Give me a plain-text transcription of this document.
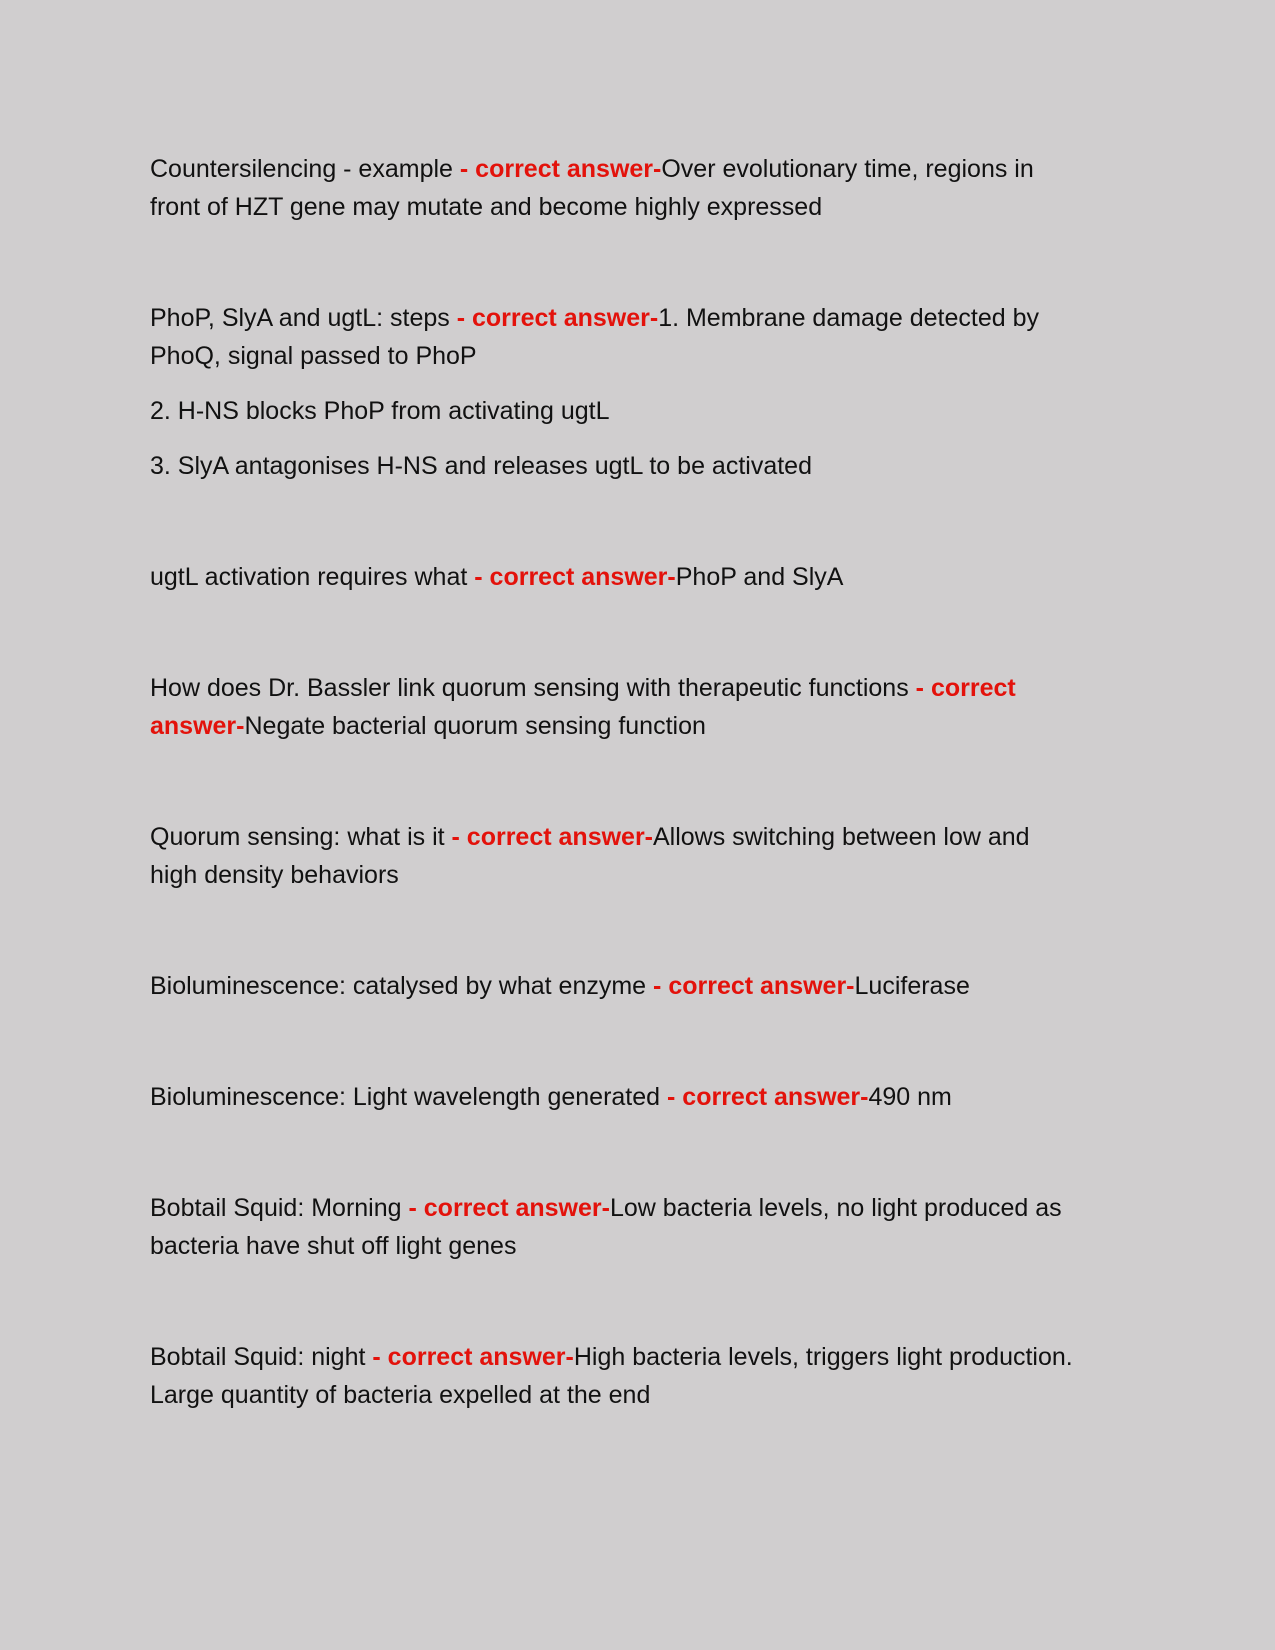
Countersilencing - example - correct answer-Over evolutionary time, regions in front of HZT gene may mutate and become highly expressed

PhoP, SlyA and ugtL: steps - correct answer-1. Membrane damage detected by PhoQ, signal passed to PhoP

2. H-NS blocks PhoP from activating ugtL

3. SlyA antagonises H-NS and releases ugtL to be activated

ugtL activation requires what - correct answer-PhoP and SlyA

How does Dr. Bassler link quorum sensing with therapeutic functions - correct answer-Negate bacterial quorum sensing function

Quorum sensing: what is it - correct answer-Allows switching between low and high density behaviors

Bioluminescence: catalysed by what enzyme - correct answer-Luciferase

Bioluminescence: Light wavelength generated - correct answer-490 nm

Bobtail Squid: Morning - correct answer-Low bacteria levels, no light produced as bacteria have shut off light genes

Bobtail Squid: night - correct answer-High bacteria levels, triggers light production. Large quantity of bacteria expelled at the end
